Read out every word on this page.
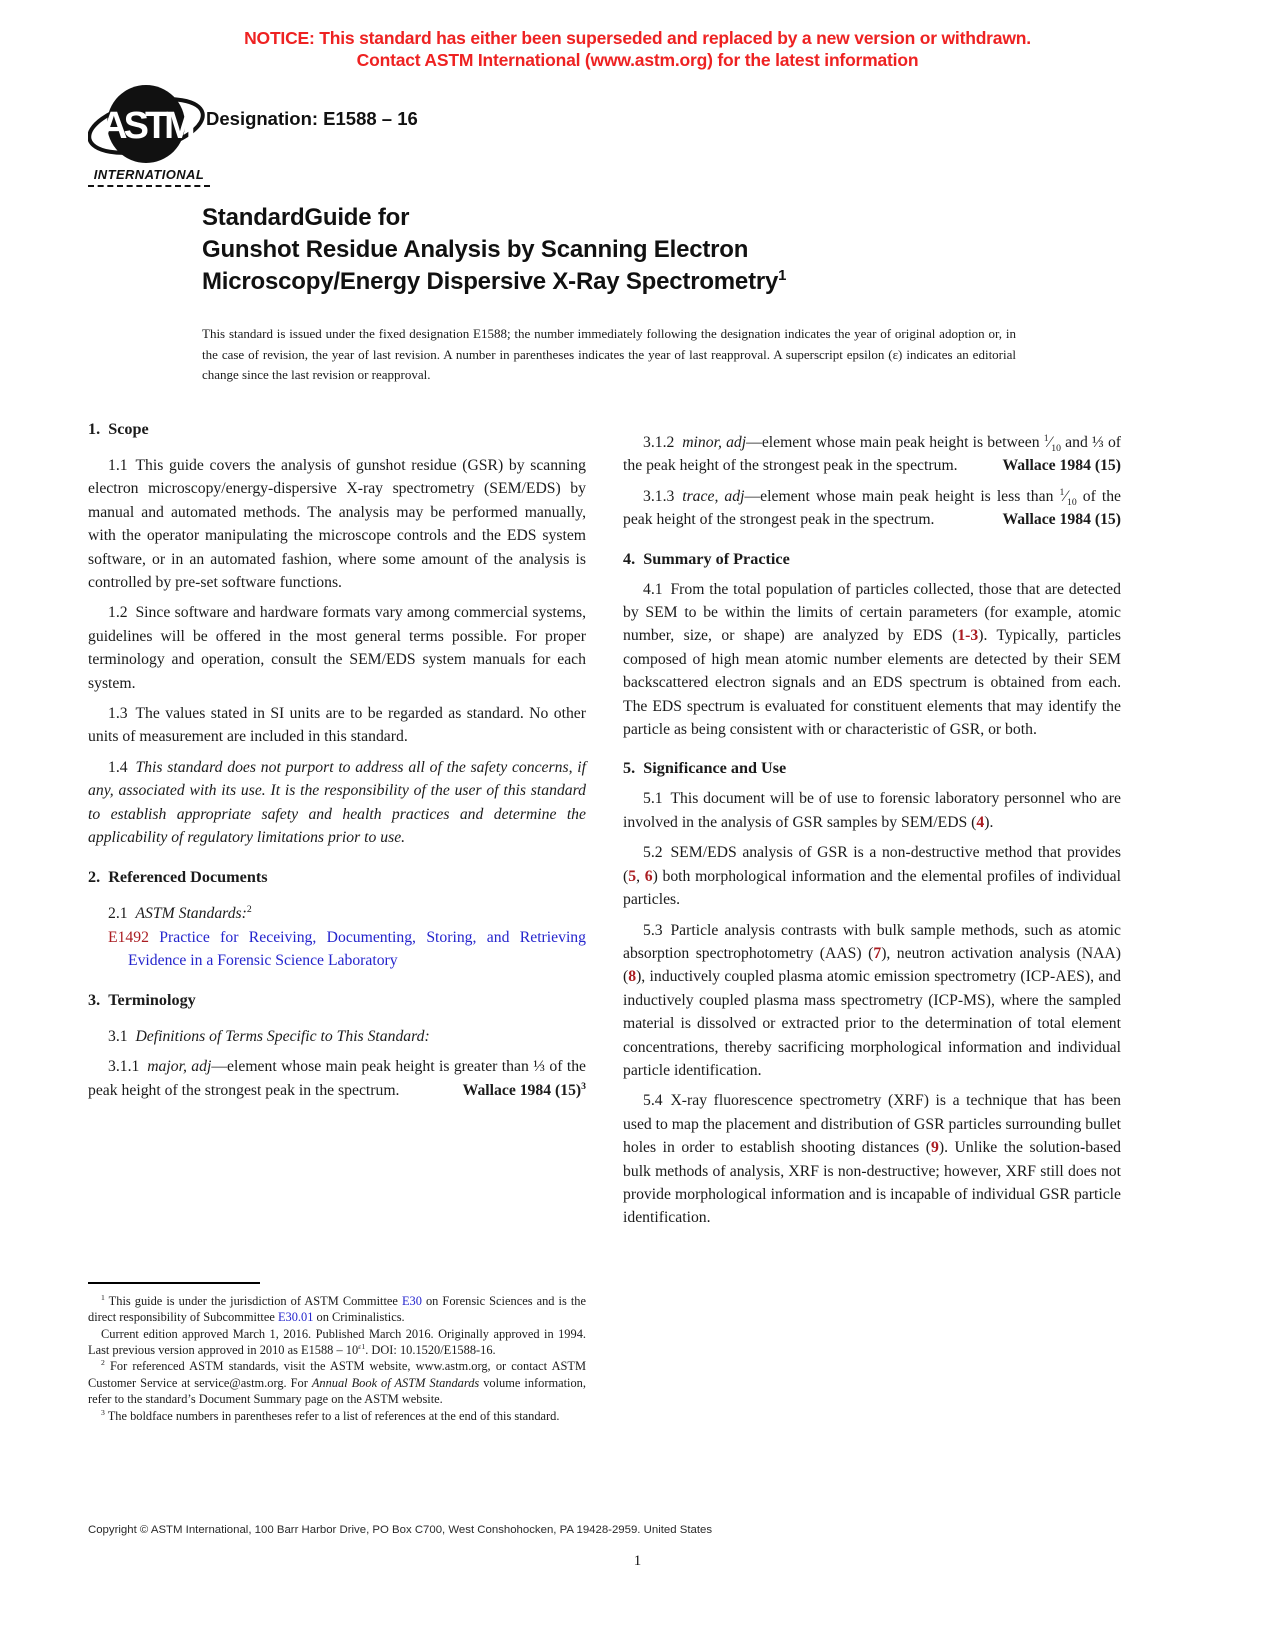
NOTICE: This standard has either been superseded and replaced by a new version or withdrawn.
Contact ASTM International (www.astm.org) for the latest information
ASTM
INTERNATIONAL
Designation: E1588 – 16
StandardGuide for
Gunshot Residue Analysis by Scanning Electron
Microscopy/Energy Dispersive X-Ray Spectrometry$^1$
This standard is issued under the fixed designation E1588; the number immediately following the designation indicates the year of original adoption or, in the case of revision, the year of last revision. A number in parentheses indicates the year of last reapproval. A superscript epsilon (ε) indicates an editorial change since the last revision or reapproval.
1. Scope

1.1 This guide covers the analysis of gunshot residue (GSR) by scanning electron microscopy/energy-dispersive X-ray spectrometry (SEM/EDS) by manual and automated methods. The analysis may be performed manually, with the operator manipulating the microscope controls and the EDS system software, or in an automated fashion, where some amount of the analysis is controlled by pre-set software functions.

1.2 Since software and hardware formats vary among commercial systems, guidelines will be offered in the most general terms possible. For proper terminology and operation, consult the SEM/EDS system manuals for each system.

1.3 The values stated in SI units are to be regarded as standard. No other units of measurement are included in this standard.

1.4 This standard does not purport to address all of the safety concerns, if any, associated with its use. It is the responsibility of the user of this standard to establish appropriate safety and health practices and determine the applicability of regulatory limitations prior to use.

2. Referenced Documents

2.1 ASTM Standards:$^2$

E1492 Practice for Receiving, Documenting, Storing, and Retrieving Evidence in a Forensic Science Laboratory

3. Terminology

3.1 Definitions of Terms Specific to This Standard:

3.1.1 major, adj—element whose main peak height is greater than ⅓ of the peak height of the strongest peak in the spectrum.	Wallace 1984 $(15)^3$

$^1$ This guide is under the jurisdiction of ASTM Committee E30 on Forensic Sciences and is the direct responsibility of Subcommittee E30.01 on Criminalistics.

Current edition approved March 1, 2016. Published March 2016. Originally approved in 1994. Last previous version approved in 2010 as $E1588 - 10^{\varepsilon 1}$. DOI: 10.1520/E1588-16.

$^2$ For referenced ASTM standards, visit the ASTM website, www.astm.org, or contact ASTM Customer Service at service@astm.org. For Annual Book of ASTM Standards volume information, refer to the standard’s Document Summary page on the ASTM website.

$^3$ The boldface numbers in parentheses refer to a list of references at the end of this standard.

3.1.2 minor, adj—element whose main peak height is between $^1⁄_{10}$ and ⅓ of the peak height of the strongest peak in the spectrum.	Wallace 1984 (15)

3.1.3 trace, adj—element whose main peak height is less than $^1⁄_{10}$ of the peak height of the strongest peak in the spectrum.	Wallace 1984 (15)

4. Summary of Practice

4.1 From the total population of particles collected, those that are detected by SEM to be within the limits of certain parameters (for example, atomic number, size, or shape) are analyzed by EDS (1-3). Typically, particles composed of high mean atomic number elements are detected by their SEM backscattered electron signals and an EDS spectrum is obtained from each. The EDS spectrum is evaluated for constituent elements that may identify the particle as being consistent with or characteristic of GSR, or both.

5. Significance and Use

5.1 This document will be of use to forensic laboratory personnel who are involved in the analysis of GSR samples by SEM/EDS (4).

5.2 SEM/EDS analysis of GSR is a non-destructive method that provides (5, 6) both morphological information and the elemental profiles of individual particles.

5.3 Particle analysis contrasts with bulk sample methods, such as atomic absorption spectrophotometry (AAS) (7), neutron activation analysis (NAA) (8), inductively coupled plasma atomic emission spectrometry (ICP-AES), and inductively coupled plasma mass spectrometry (ICP-MS), where the sampled material is dissolved or extracted prior to the determination of total element concentrations, thereby sacrificing morphological information and individual particle identification.

5.4 X-ray fluorescence spectrometry (XRF) is a technique that has been used to map the placement and distribution of GSR particles surrounding bullet holes in order to establish shooting distances (9). Unlike the solution-based bulk methods of analysis, XRF is non-destructive; however, XRF still does not provide morphological information and is incapable of individual GSR particle identification.

Copyright © ASTM International, 100 Barr Harbor Drive, PO Box C700, West Conshohocken, PA 19428-2959. United States
1
